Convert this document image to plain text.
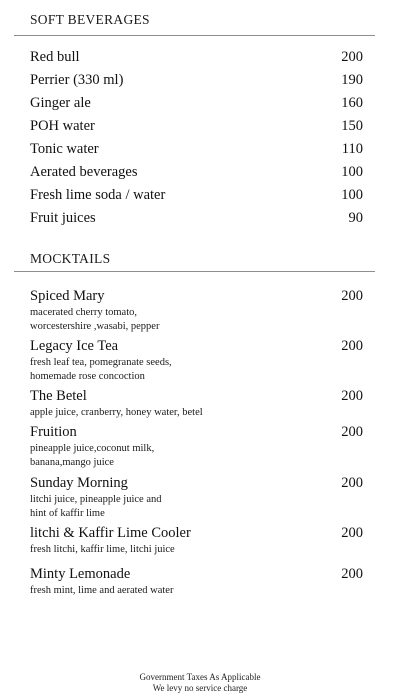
SOFT BEVERAGES
Red bull	200
Perrier (330 ml)	190
Ginger ale	160
POH water	150
Tonic water	110
Aerated beverages	100
Fresh lime soda / water	100
Fruit juices	90
MOCKTAILS
Spiced Mary	200
macerated cherry tomato,
worcestershire ,wasabi, pepper
Legacy Ice Tea	200
fresh leaf tea, pomegranate seeds,
homemade rose concoction
The Betel	200
apple juice, cranberry, honey water, betel
Fruition	200
pineapple juice,coconut milk,
banana,mango juice
Sunday Morning	200
litchi juice, pineapple juice and
hint of kaffir lime
litchi & Kaffir Lime Cooler	200
fresh litchi, kaffir lime, litchi juice
Minty Lemonade	200
fresh mint, lime and aerated water
Government Taxes As Applicable
We levy no service charge
